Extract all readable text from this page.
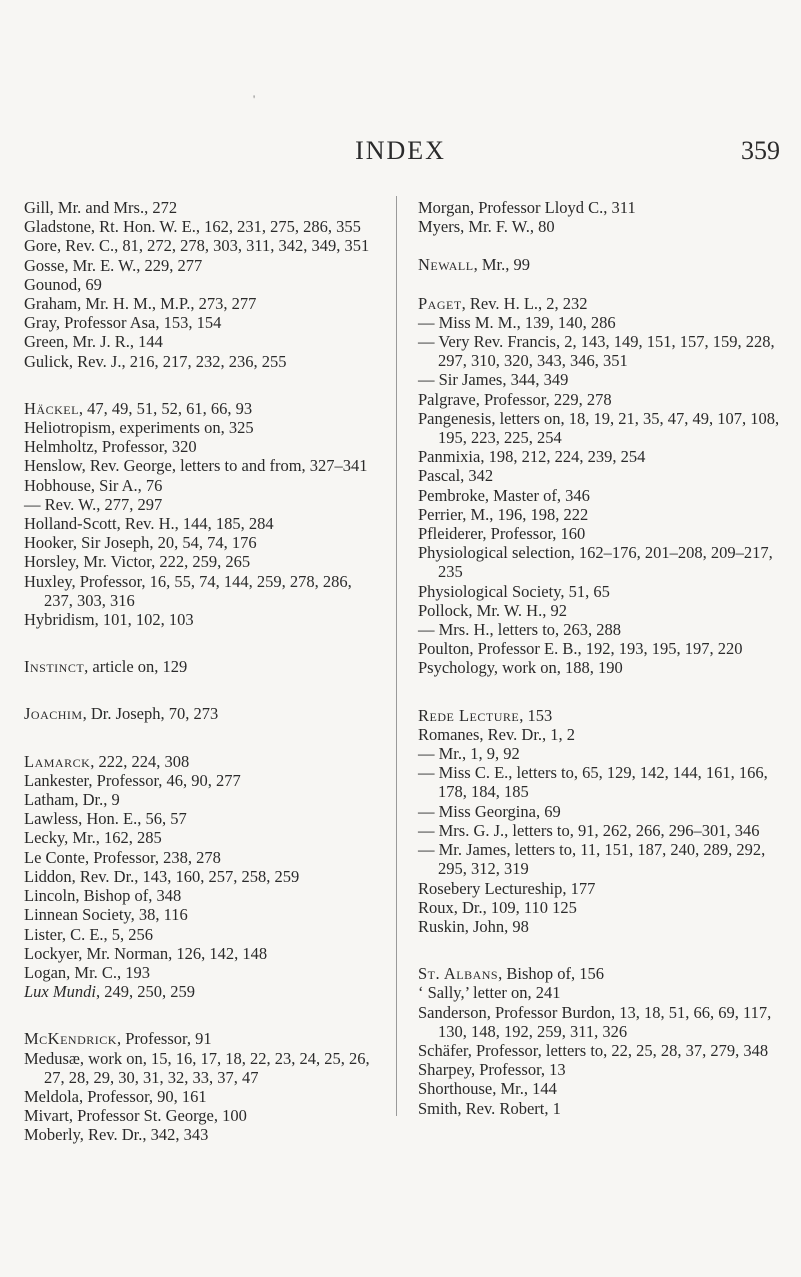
'
INDEX	359

Gill, Mr. and Mrs., 272

Gladstone, Rt. Hon. W. E., 162, 231, 275, 286, 355

Gore, Rev. C., 81, 272, 278, 303, 311, 342, 349, 351

Gosse, Mr. E. W., 229, 277

Gounod, 69

Graham, Mr. H. M., M.P., 273, 277

Gray, Professor Asa, 153, 154

Green, Mr. J. R., 144

Gulick, Rev. J., 216, 217, 232, 236, 255

Häckel, 47, 49, 51, 52, 61, 66, 93

Heliotropism, experiments on, 325

Helmholtz, Professor, 320

Henslow, Rev. George, letters to and from, 327–341

Hobhouse, Sir A., 76

— Rev. W., 277, 297

Holland-Scott, Rev. H., 144, 185, 284

Hooker, Sir Joseph, 20, 54, 74, 176

Horsley, Mr. Victor, 222, 259, 265

Huxley, Professor, 16, 55, 74, 144, 259, 278, 286, 237, 303, 316

Hybridism, 101, 102, 103

Instinct, article on, 129

Joachim, Dr. Joseph, 70, 273

Lamarck, 222, 224, 308

Lankester, Professor, 46, 90, 277

Latham, Dr., 9

Lawless, Hon. E., 56, 57

Lecky, Mr., 162, 285

Le Conte, Professor, 238, 278

Liddon, Rev. Dr., 143, 160, 257, 258, 259

Lincoln, Bishop of, 348

Linnean Society, 38, 116

Lister, C. E., 5, 256

Lockyer, Mr. Norman, 126, 142, 148

Logan, Mr. C., 193

Lux Mundi, 249, 250, 259

McKendrick, Professor, 91

Medusæ, work on, 15, 16, 17, 18, 22, 23, 24, 25, 26, 27, 28, 29, 30, 31, 32, 33, 37, 47

Meldola, Professor, 90, 161

Mivart, Professor St. George, 100

Moberly, Rev. Dr., 342, 343

Morgan, Professor Lloyd C., 311

Myers, Mr. F. W., 80

Newall, Mr., 99

Paget, Rev. H. L., 2, 232

— Miss M. M., 139, 140, 286

— Very Rev. Francis, 2, 143, 149, 151, 157, 159, 228, 297, 310, 320, 343, 346, 351

— Sir James, 344, 349

Palgrave, Professor, 229, 278

Pangenesis, letters on, 18, 19, 21, 35, 47, 49, 107, 108, 195, 223, 225, 254

Panmixia, 198, 212, 224, 239, 254

Pascal, 342

Pembroke, Master of, 346

Perrier, M., 196, 198, 222

Pfleiderer, Professor, 160

Physiological selection, 162–176, 201–208, 209–217, 235

Physiological Society, 51, 65

Pollock, Mr. W. H., 92

— Mrs. H., letters to, 263, 288

Poulton, Professor E. B., 192, 193, 195, 197, 220

Psychology, work on, 188, 190

Rede Lecture, 153

Romanes, Rev. Dr., 1, 2

— Mr., 1, 9, 92

— Miss C. E., letters to, 65, 129, 142, 144, 161, 166, 178, 184, 185

— Miss Georgina, 69

— Mrs. G. J., letters to, 91, 262, 266, 296–301, 346

— Mr. James, letters to, 11, 151, 187, 240, 289, 292, 295, 312, 319

Rosebery Lectureship, 177

Roux, Dr., 109, 110 125

Ruskin, John, 98

St. Albans, Bishop of, 156

‘ Sally,’ letter on, 241

Sanderson, Professor Burdon, 13, 18, 51, 66, 69, 117, 130, 148, 192, 259, 311, 326

Schäfer, Professor, letters to, 22, 25, 28, 37, 279, 348

Sharpey, Professor, 13

Shorthouse, Mr., 144

Smith, Rev. Robert, 1
